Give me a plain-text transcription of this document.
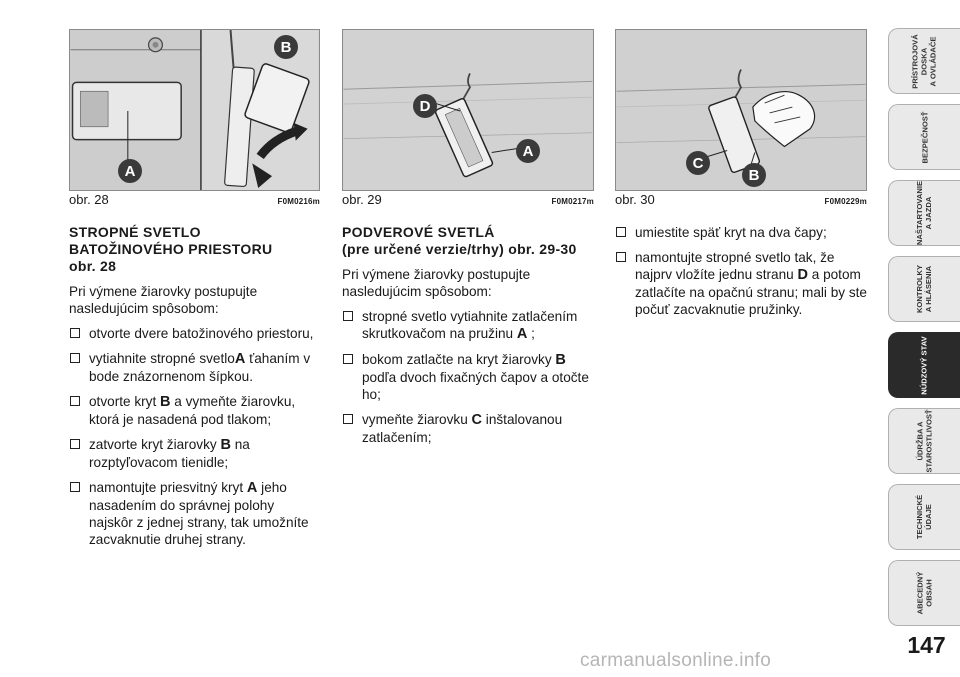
A
B
obr. 28	F0M0216m
D
A
obr. 29	F0M0217m
C
B
obr. 30	F0M0229m
STROPNÉ SVETLO
BATOŽINOVÉHO PRIESTORU
obr. 28

Pri výmene žiarovky postupujte nasledujúcim spôsobom:

otvorte dvere batožinového priestoru,
vytiahnite stropné svetloA ťahaním v bode znázornenom šípkou.
otvorte kryt B a vymeňte žiarovku, ktorá je nasadená pod tlakom;
zatvorte kryt žiarovky B na rozptyľovacom tienidle;
namontujte priesvitný kryt A jeho nasadením do správnej polohy najskôr z jednej strany, tak umožníte zacvaknutie druhej strany.
PODVEROVÉ SVETLÁ
(pre určené verzie/trhy) obr. 29-30

Pri výmene žiarovky postupujte nasledujúcim spôsobom:

stropné svetlo vytiahnite zatlačením skrutkovačom na pružinu A ;
bokom zatlačte na kryt žiarovky B podľa dvoch fixačných čapov a otočte ho;
vymeňte žiarovku C inštalovanou zatlačením;
umiestite späť kryt na dva čapy;
namontujte stropné svetlo tak, že najprv vložíte jednu stranu D a potom zatlačíte na opačnú stranu; mali by ste počuť zacvaknutie pružinky.
PRÍSTROJOVÁ
DOSKA
A OVLÁDAČE
BEZPEČNOSŤ
NAŠTARTOVANIE
A JAZDA
KONTROLKY
A HLÁSENIA
NÚDZOVÝ STAV
ÚDRŽBA A
STAROSTLIVOSŤ
TECHNICKÉ
ÚDAJE
ABECEDNÝ
OBSAH
147
carmanualsonline.info
